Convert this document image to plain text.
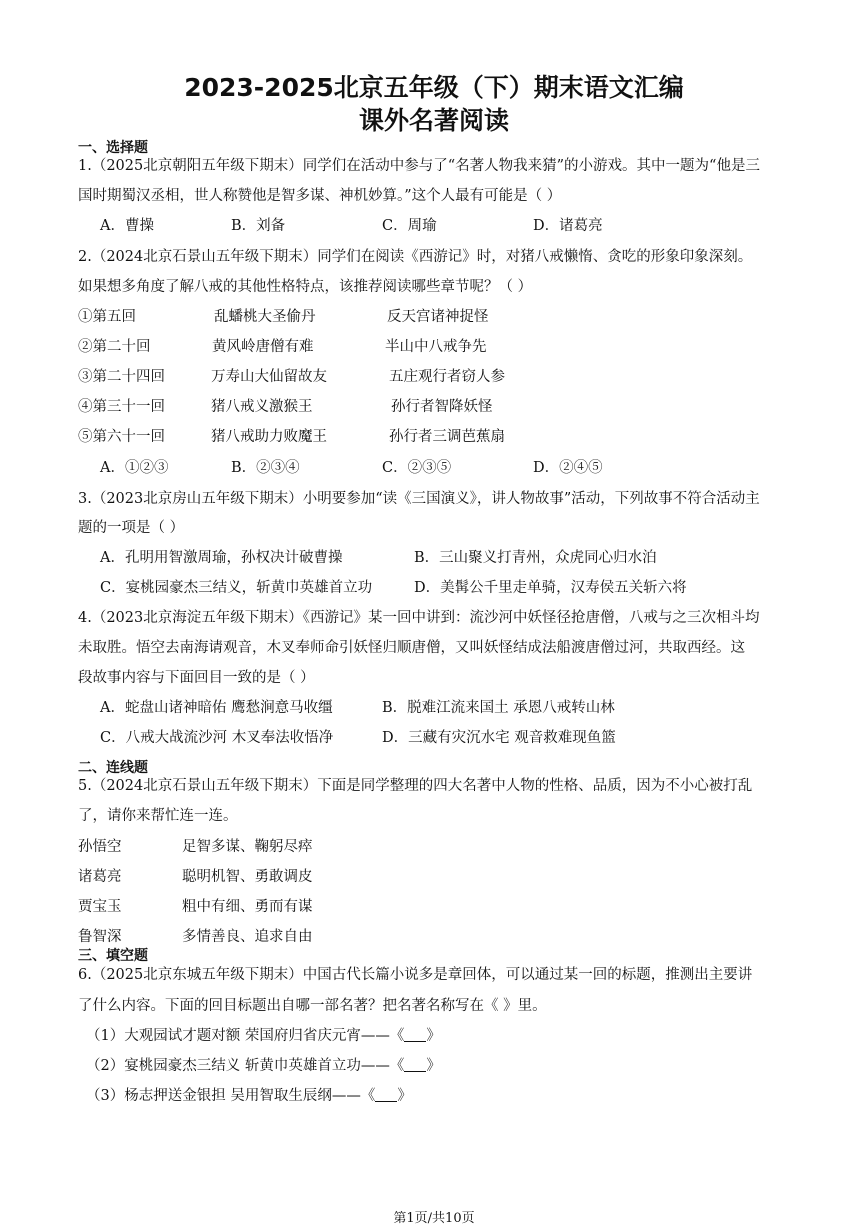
2023-2025北京五年级（下）期末语文汇编
课外名著阅读
一、选择题
1.（2025北京朝阳五年级下期末）同学们在活动中参与了“名著人物我来猜”的小游戏。其中一题为“他是三
国时期蜀汉丞相，世人称赞他是智多谋、神机妙算。”这个人最有可能是（ ）
A．曹操	B．刘备	C．周瑜	D．诸葛亮
2.（2024北京石景山五年级下期末）同学们在阅读《西游记》时，对猪八戒懒惰、贪吃的形象印象深刻。
如果想多角度了解八戒的其他性格特点，该推荐阅读哪些章节呢？（ ）
①第五回	乱蟠桃大圣偷丹	反天宫诸神捉怪
②第二十回	黄风岭唐僧有难	半山中八戒争先
③第二十四回	万寿山大仙留故友	五庄观行者窃人参
④第三十一回	猪八戒义激猴王	孙行者智降妖怪
⑤第六十一回	猪八戒助力败魔王	孙行者三调芭蕉扇
A．①②③	B．②③④	C．②③⑤	D．②④⑤
3.（2023北京房山五年级下期末）小明要参加“读《三国演义》，讲人物故事”活动，下列故事不符合活动主
题的一项是（ ）
A．孔明用智激周瑜，孙权决计破曹操	B．三山聚义打青州，众虎同心归水泊
C．宴桃园豪杰三结义，斩黄巾英雄首立功	D．美髯公千里走单骑，汉寿侯五关斩六将
4.（2023北京海淀五年级下期末）《西游记》某一回中讲到：流沙河中妖怪径抢唐僧，八戒与之三次相斗均
未取胜。悟空去南海请观音，木叉奉师命引妖怪归顺唐僧，又叫妖怪结成法船渡唐僧过河，共取西经。这
段故事内容与下面回目一致的是（ ）
A．蛇盘山诸神暗佑 鹰愁涧意马收缰	B．脱难江流来国土 承恩八戒转山林
C．八戒大战流沙河 木叉奉法收悟净	D．三藏有灾沉水宅 观音救难现鱼篮
二、连线题
5.（2024北京石景山五年级下期末）下面是同学整理的四大名著中人物的性格、品质，因为不小心被打乱
了，请你来帮忙连一连。
孙悟空	足智多谋、鞠躬尽瘁
诸葛亮	聪明机智、勇敢调皮
贾宝玉	粗中有细、勇而有谋
鲁智深	多情善良、追求自由
三、填空题
6.（2025北京东城五年级下期末）中国古代长篇小说多是章回体，可以通过某一回的标题，推测出主要讲
了什么内容。下面的回目标题出自哪一部名著？把名著名称写在《 》里。
（1）大观园试才题对额 荣国府归省庆元宵——《 》
（2）宴桃园豪杰三结义 斩黄巾英雄首立功——《 》
（3）杨志押送金银担 吴用智取生辰纲——《 》
第1页/共10页
